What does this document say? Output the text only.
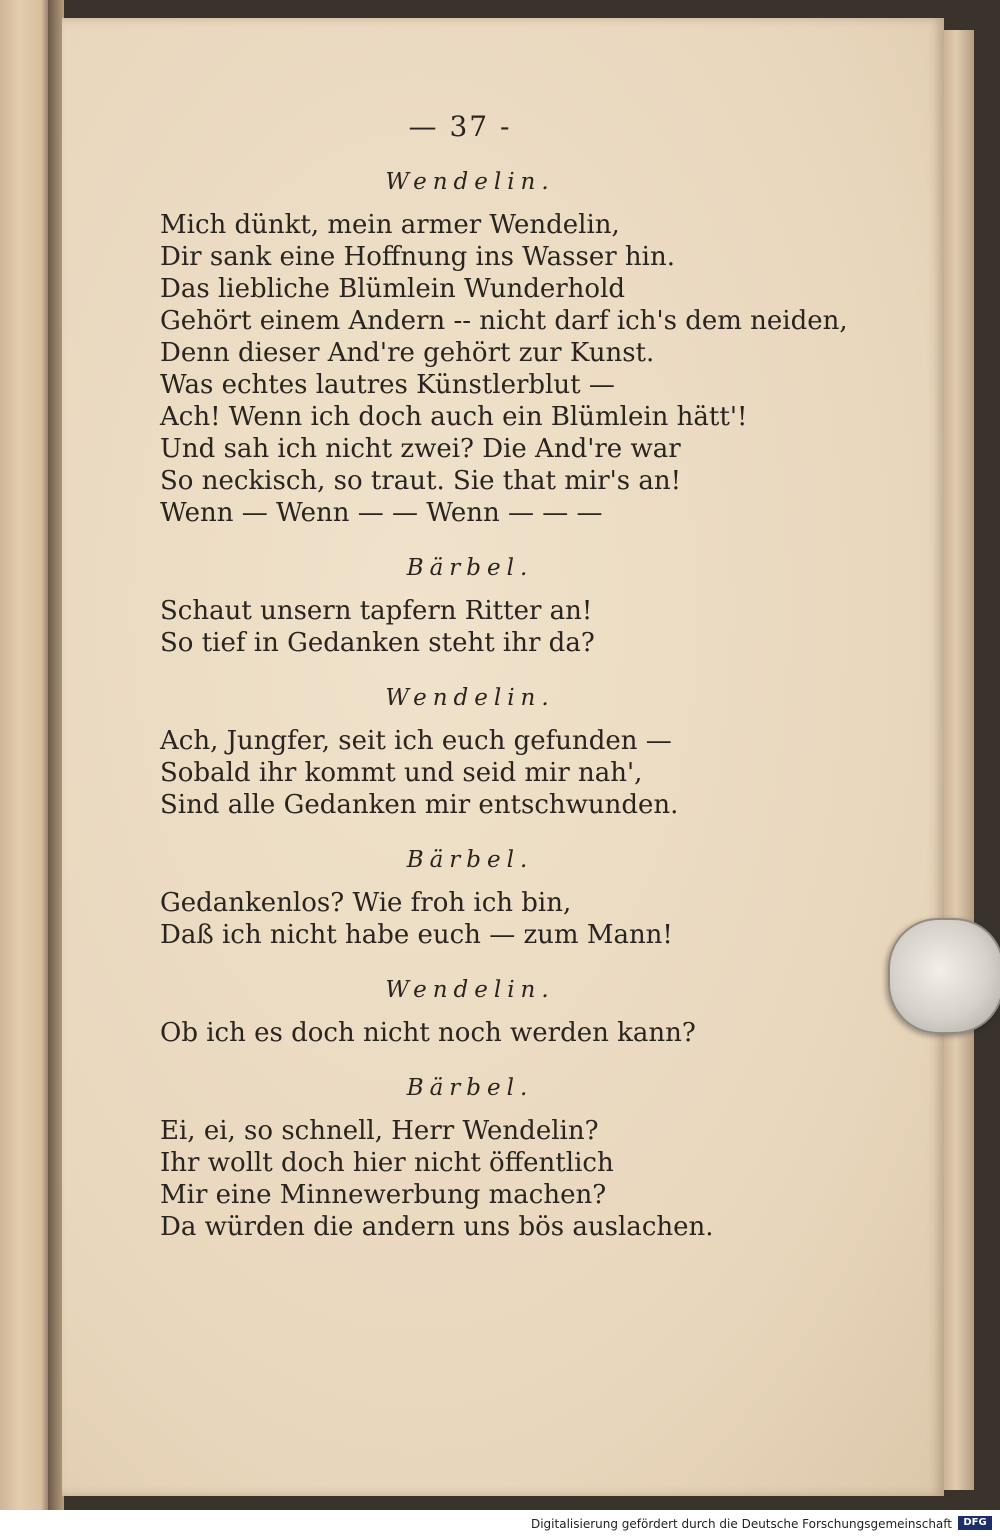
— 37 -
Wendelin.
Mich dünkt, mein armer Wendelin,
Dir sank eine Hoffnung ins Wasser hin.
Das liebliche Blümlein Wunderhold
Gehört einem Andern -- nicht darf ich's dem neiden,
Denn dieser And're gehört zur Kunst.
Was echtes lautres Künstlerblut —
Ach! Wenn ich doch auch ein Blümlein hätt'!
Und sah ich nicht zwei? Die And're war
So neckisch, so traut. Sie that mir's an!
Wenn — Wenn — — Wenn — — —
Bärbel.
Schaut unsern tapfern Ritter an!
So tief in Gedanken steht ihr da?
Wendelin.
Ach, Jungfer, seit ich euch gefunden —
Sobald ihr kommt und seid mir nah',
Sind alle Gedanken mir entschwunden.
Bärbel.
Gedankenlos? Wie froh ich bin,
Daß ich nicht habe euch — zum Mann!
Wendelin.
Ob ich es doch nicht noch werden kann?
Bärbel.
Ei, ei, so schnell, Herr Wendelin?
Ihr wollt doch hier nicht öffentlich
Mir eine Minnewerbung machen?
Da würden die andern uns bös auslachen.
Digitalisierung gefördert durch die Deutsche Forschungsgemeinschaft	DFG
